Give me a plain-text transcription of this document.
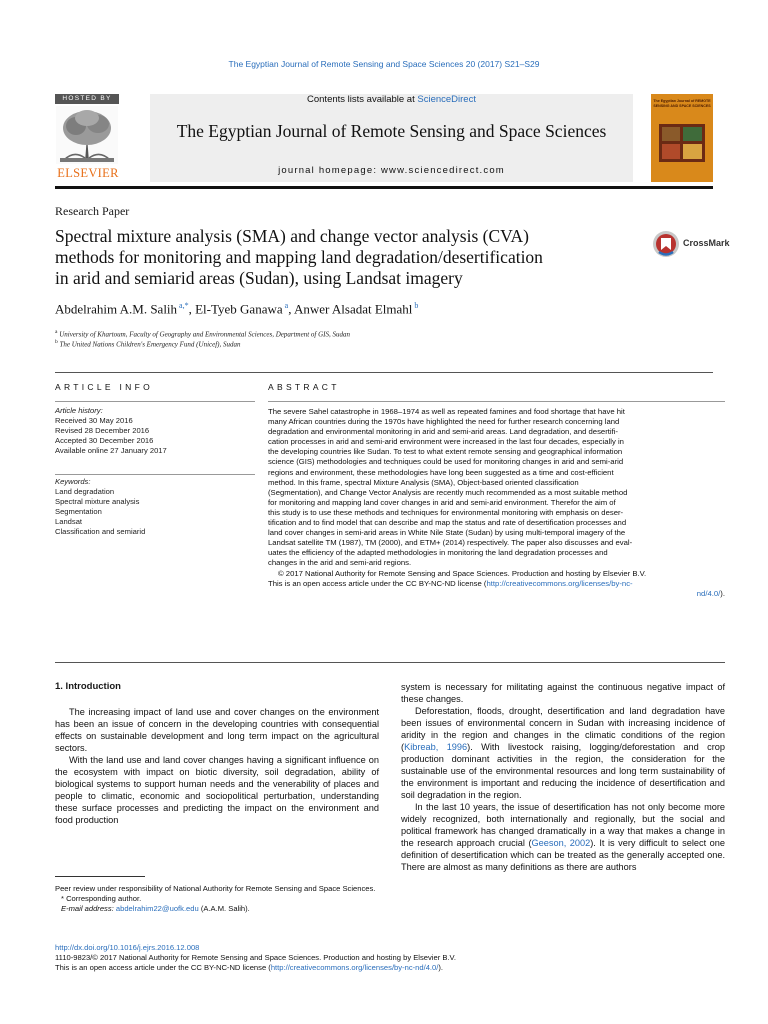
The Egyptian Journal of Remote Sensing and Space Sciences 20 (2017) S21–S29
HOSTED BY
ELSEVIER
Contents lists available at ScienceDirect
The Egyptian Journal of Remote Sensing and Space Sciences
journal homepage: www.sciencedirect.com
The Egyptian Journal of REMOTE SENSING AND SPACE SCIENCES
Research Paper
Spectral mixture analysis (SMA) and change vector analysis (CVA)
methods for monitoring and mapping land degradation/desertification
in arid and semiarid areas (Sudan), using Landsat imagery
CrossMark
Abdelrahim A.M. Salih $^{a,*}$, El-Tyeb Ganawa $^a$, Anwer Alsadat Elmahl $^b$
$^a$ University of Khartoum, Faculty of Geography and Environmental Sciences, Department of GIS, Sudan
$^b$ The United Nations Children's Emergency Fund (Unicef), Sudan
ARTICLE INFO	ABSTRACT
Article history:
Received 30 May 2016
Revised 28 December 2016
Accepted 30 December 2016
Available online 27 January 2017
Keywords:
Land degradation
Spectral mixture analysis
Segmentation
Landsat
Classification and semiarid
The severe Sahel catastrophe in 1968–1974 as well as repeated famines and food shortage that have hit
many African countries during the 1970s have highlighted the need for further research concerning land
degradation and environmental monitoring in arid and semi-arid areas. Land degradation, and desertifi-
cation processes in arid and semi-arid environment were increased in the last four decades, especially in
the developing countries like Sudan. To test to what extent remote sensing and geographical information
science (GIS) methodologies and techniques could be used for monitoring changes in arid and semi-arid
regions and environment, these methodologies have long been suggested as a time and cost-efficient
method. In this frame, spectral Mixture Analysis (SMA), Object-based oriented classification
(Segmentation), and Change Vector Analysis are recently much recommended as a most suitable method
for monitoring and mapping land cover changes in arid and semi-arid environment. Therefor the aim of
this study is to use these methods and techniques for environmental monitoring with emphasis on deser-
tification and to find model that can describe and map the status and rate of desertification processes and
land cover changes in semi-arid areas in White Nile State (Sudan) by using multi-temporal imagery of the
Landsat satellite TM (1987), TM (2000), and ETM+ (2014) respectively. The paper also discusses and eval-
uates the efficiency of the adapted methodologies in monitoring the land degradation processes and
changes in the arid and semi-arid regions.
© 2017 National Authority for Remote Sensing and Space Sciences. Production and hosting by Elsevier B.V.
This is an open access article under the CC BY-NC-ND license (http://creativecommons.org/licenses/by-nc-
nd/4.0/).
1. Introduction

The increasing impact of land use and cover changes on the environment has been an issue of concern in the developing countries with consequential effects on sustainable development and long term impact on the agricultural sectors.

With the land use and land cover changes having a significant influence on the ecosystem with impact on biotic diversity, soil degradation, ability of biological systems to support human needs and the venerability of places and people to climatic, economic and sociopolitical perturbation, understanding these surface processes and predicting the impact on the environment and food production

system is necessary for militating against the continuous negative impact of these changes.

Deforestation, floods, drought, desertification and land degradation have been issues of environmental concern in Sudan with increasing incidence of aridity in the region and changes in the climatic conditions of the region (Kibreab, 1996). With livestock raising, logging/deforestation and crop production dominant activities in the region, the consideration for the sustainable use of the environmental resources and long term sustainability of the environment is important and reducing the incidence of desertification and soil degradation in the region.

In the last 10 years, the issue of desertification has not only become more widely recognized, both internationally and regionally, but the social and political framework has changed dramatically in a way that makes a change in the research approach crucial (Geeson, 2002). It is very difficult to select one definition of desertification which can be treated as the generally accepted one. There are almost as many definitions as there are authors

Peer review under responsibility of National Authority for Remote Sensing and Space Sciences.
* Corresponding author.
E-mail address: abdelrahim22@uofk.edu (A.A.M. Salih).
http://dx.doi.org/10.1016/j.ejrs.2016.12.008
1110-9823/© 2017 National Authority for Remote Sensing and Space Sciences. Production and hosting by Elsevier B.V.
This is an open access article under the CC BY-NC-ND license (http://creativecommons.org/licenses/by-nc-nd/4.0/).
